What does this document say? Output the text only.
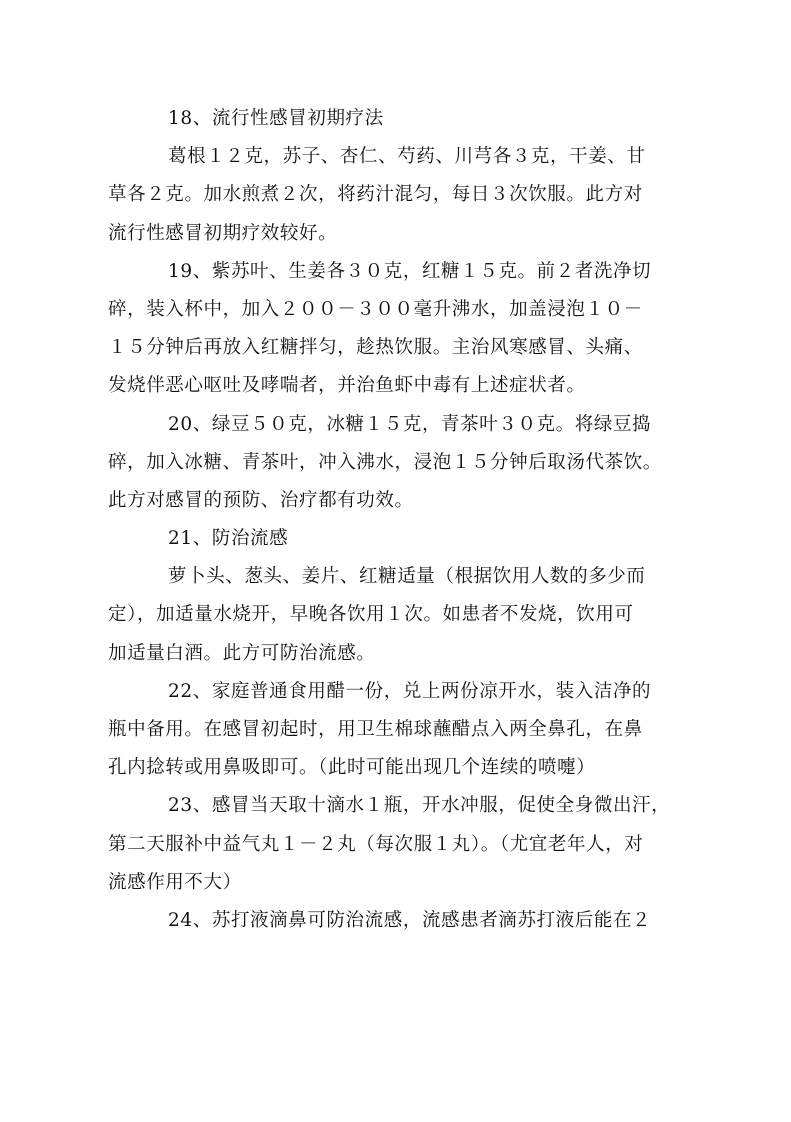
18、流行性感冒初期疗法
葛根１２克，苏子、杏仁、芍药、川芎各３克，干姜、甘
草各２克。加水煎煮２次，将药汁混匀，每日３次饮服。此方对
流行性感冒初期疗效较好。
19、紫苏叶、生姜各３０克，红糖１５克。前２者洗净切
碎，装入杯中，加入２００－３００毫升沸水，加盖浸泡１０－
１５分钟后再放入红糖拌匀，趁热饮服。主治风寒感冒、头痛、
发烧伴恶心呕吐及哮喘者，并治鱼虾中毒有上述症状者。
20、绿豆５０克，冰糖１５克，青茶叶３０克。将绿豆捣
碎，加入冰糖、青茶叶，冲入沸水，浸泡１５分钟后取汤代茶饮。
此方对感冒的预防、治疗都有功效。
21、防治流感
萝卜头、葱头、姜片、红糖适量（根据饮用人数的多少而
定），加适量水烧开，早晚各饮用１次。如患者不发烧，饮用可
加适量白酒。此方可防治流感。
22、家庭普通食用醋一份，兑上两份凉开水，装入洁净的
瓶中备用。在感冒初起时，用卫生棉球蘸醋点入两全鼻孔，在鼻
孔内捻转或用鼻吸即可。（此时可能出现几个连续的喷嚏）
23、感冒当天取十滴水１瓶，开水冲服，促使全身微出汗，
第二天服补中益气丸１－２丸（每次服１丸）。（尤宜老年人，对
流感作用不大）
24、苏打液滴鼻可防治流感，流感患者滴苏打液后能在２
